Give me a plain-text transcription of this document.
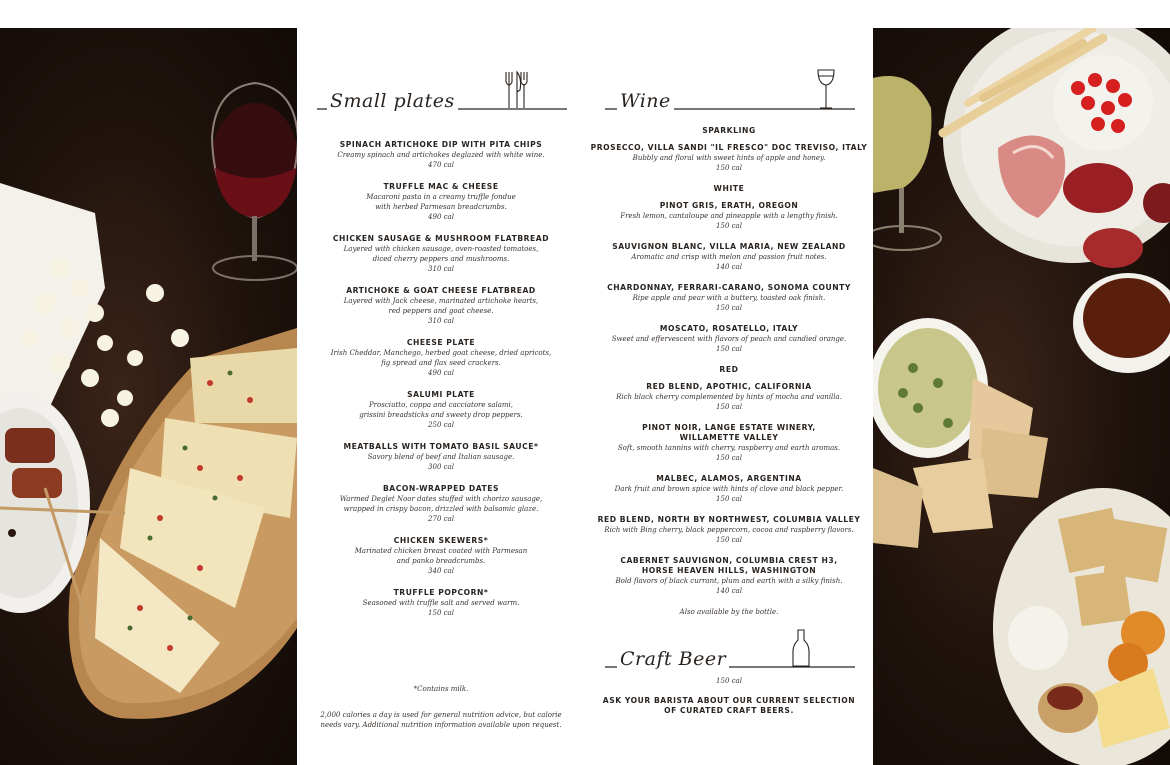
Small plates
SPINACH ARTICHOKE DIP WITH PITA CHIPS
Creamy spinach and artichokes deglazed with white wine.
470 cal
TRUFFLE MAC & CHEESE
Macaroni pasta in a creamy truffle fondue
with herbed Parmesan breadcrumbs.
490 cal
CHICKEN SAUSAGE & MUSHROOM FLATBREAD
Layered with chicken sausage, oven-roasted tomatoes,
diced cherry peppers and mushrooms.
310 cal
ARTICHOKE & GOAT CHEESE FLATBREAD
Layered with Jack cheese, marinated artichoke hearts,
red peppers and goat cheese.
310 cal
CHEESE PLATE
Irish Cheddar, Manchego, herbed goat cheese, dried apricots,
fig spread and flax seed crackers.
490 cal
SALUMI PLATE
Prosciutto, coppa and cacciatore salami,
grissini breadsticks and sweety drop peppers.
250 cal
MEATBALLS WITH TOMATO BASIL SAUCE*
Savory blend of beef and Italian sausage.
300 cal
BACON-WRAPPED DATES
Warmed Deglet Noor dates stuffed with chorizo sausage,
wrapped in crispy bacon, drizzled with balsamic glaze.
270 cal
CHICKEN SKEWERS*
Marinated chicken breast coated with Parmesan
and panko breadcrumbs.
340 cal
TRUFFLE POPCORN*
Seasoned with truffle salt and served warm.
150 cal
*Contains milk.
2,000 calories a day is used for general nutrition advice, but calorie
needs vary. Additional nutrition information available upon request.
Wine
SPARKLING
PROSECCO, VILLA SANDI "IL FRESCO" DOC TREVISO, ITALY
Bubbly and floral with sweet hints of apple and honey.
150 cal
WHITE
PINOT GRIS, ERATH, OREGON
Fresh lemon, cantaloupe and pineapple with a lengthy finish.
150 cal
SAUVIGNON BLANC, VILLA MARIA, NEW ZEALAND
Aromatic and crisp with melon and passion fruit notes.
140 cal
CHARDONNAY, FERRARI-CARANO, SONOMA COUNTY
Ripe apple and pear with a buttery, toasted oak finish.
150 cal
MOSCATO, ROSATELLO, ITALY
Sweet and effervescent with flavors of peach and candied orange.
150 cal
RED
RED BLEND, APOTHIC, CALIFORNIA
Rich black cherry complemented by hints of mocha and vanilla.
150 cal
PINOT NOIR, LANGE ESTATE WINERY,
WILLAMETTE VALLEY
Soft, smooth tannins with cherry, raspberry and earth aromas.
150 cal
MALBEC, ALAMOS, ARGENTINA
Dark fruit and brown spice with hints of clove and black pepper.
150 cal
RED BLEND, NORTH BY NORTHWEST, COLUMBIA VALLEY
Rich with Bing cherry, black peppercorn, cocoa and raspberry flavors.
150 cal
CABERNET SAUVIGNON, COLUMBIA CREST H3,
HORSE HEAVEN HILLS, WASHINGTON
Bold flavors of black currant, plum and earth with a silky finish.
140 cal
Also available by the bottle.
Craft Beer
150 cal
ASK YOUR BARISTA ABOUT OUR CURRENT SELECTION
OF CURATED CRAFT BEERS.
